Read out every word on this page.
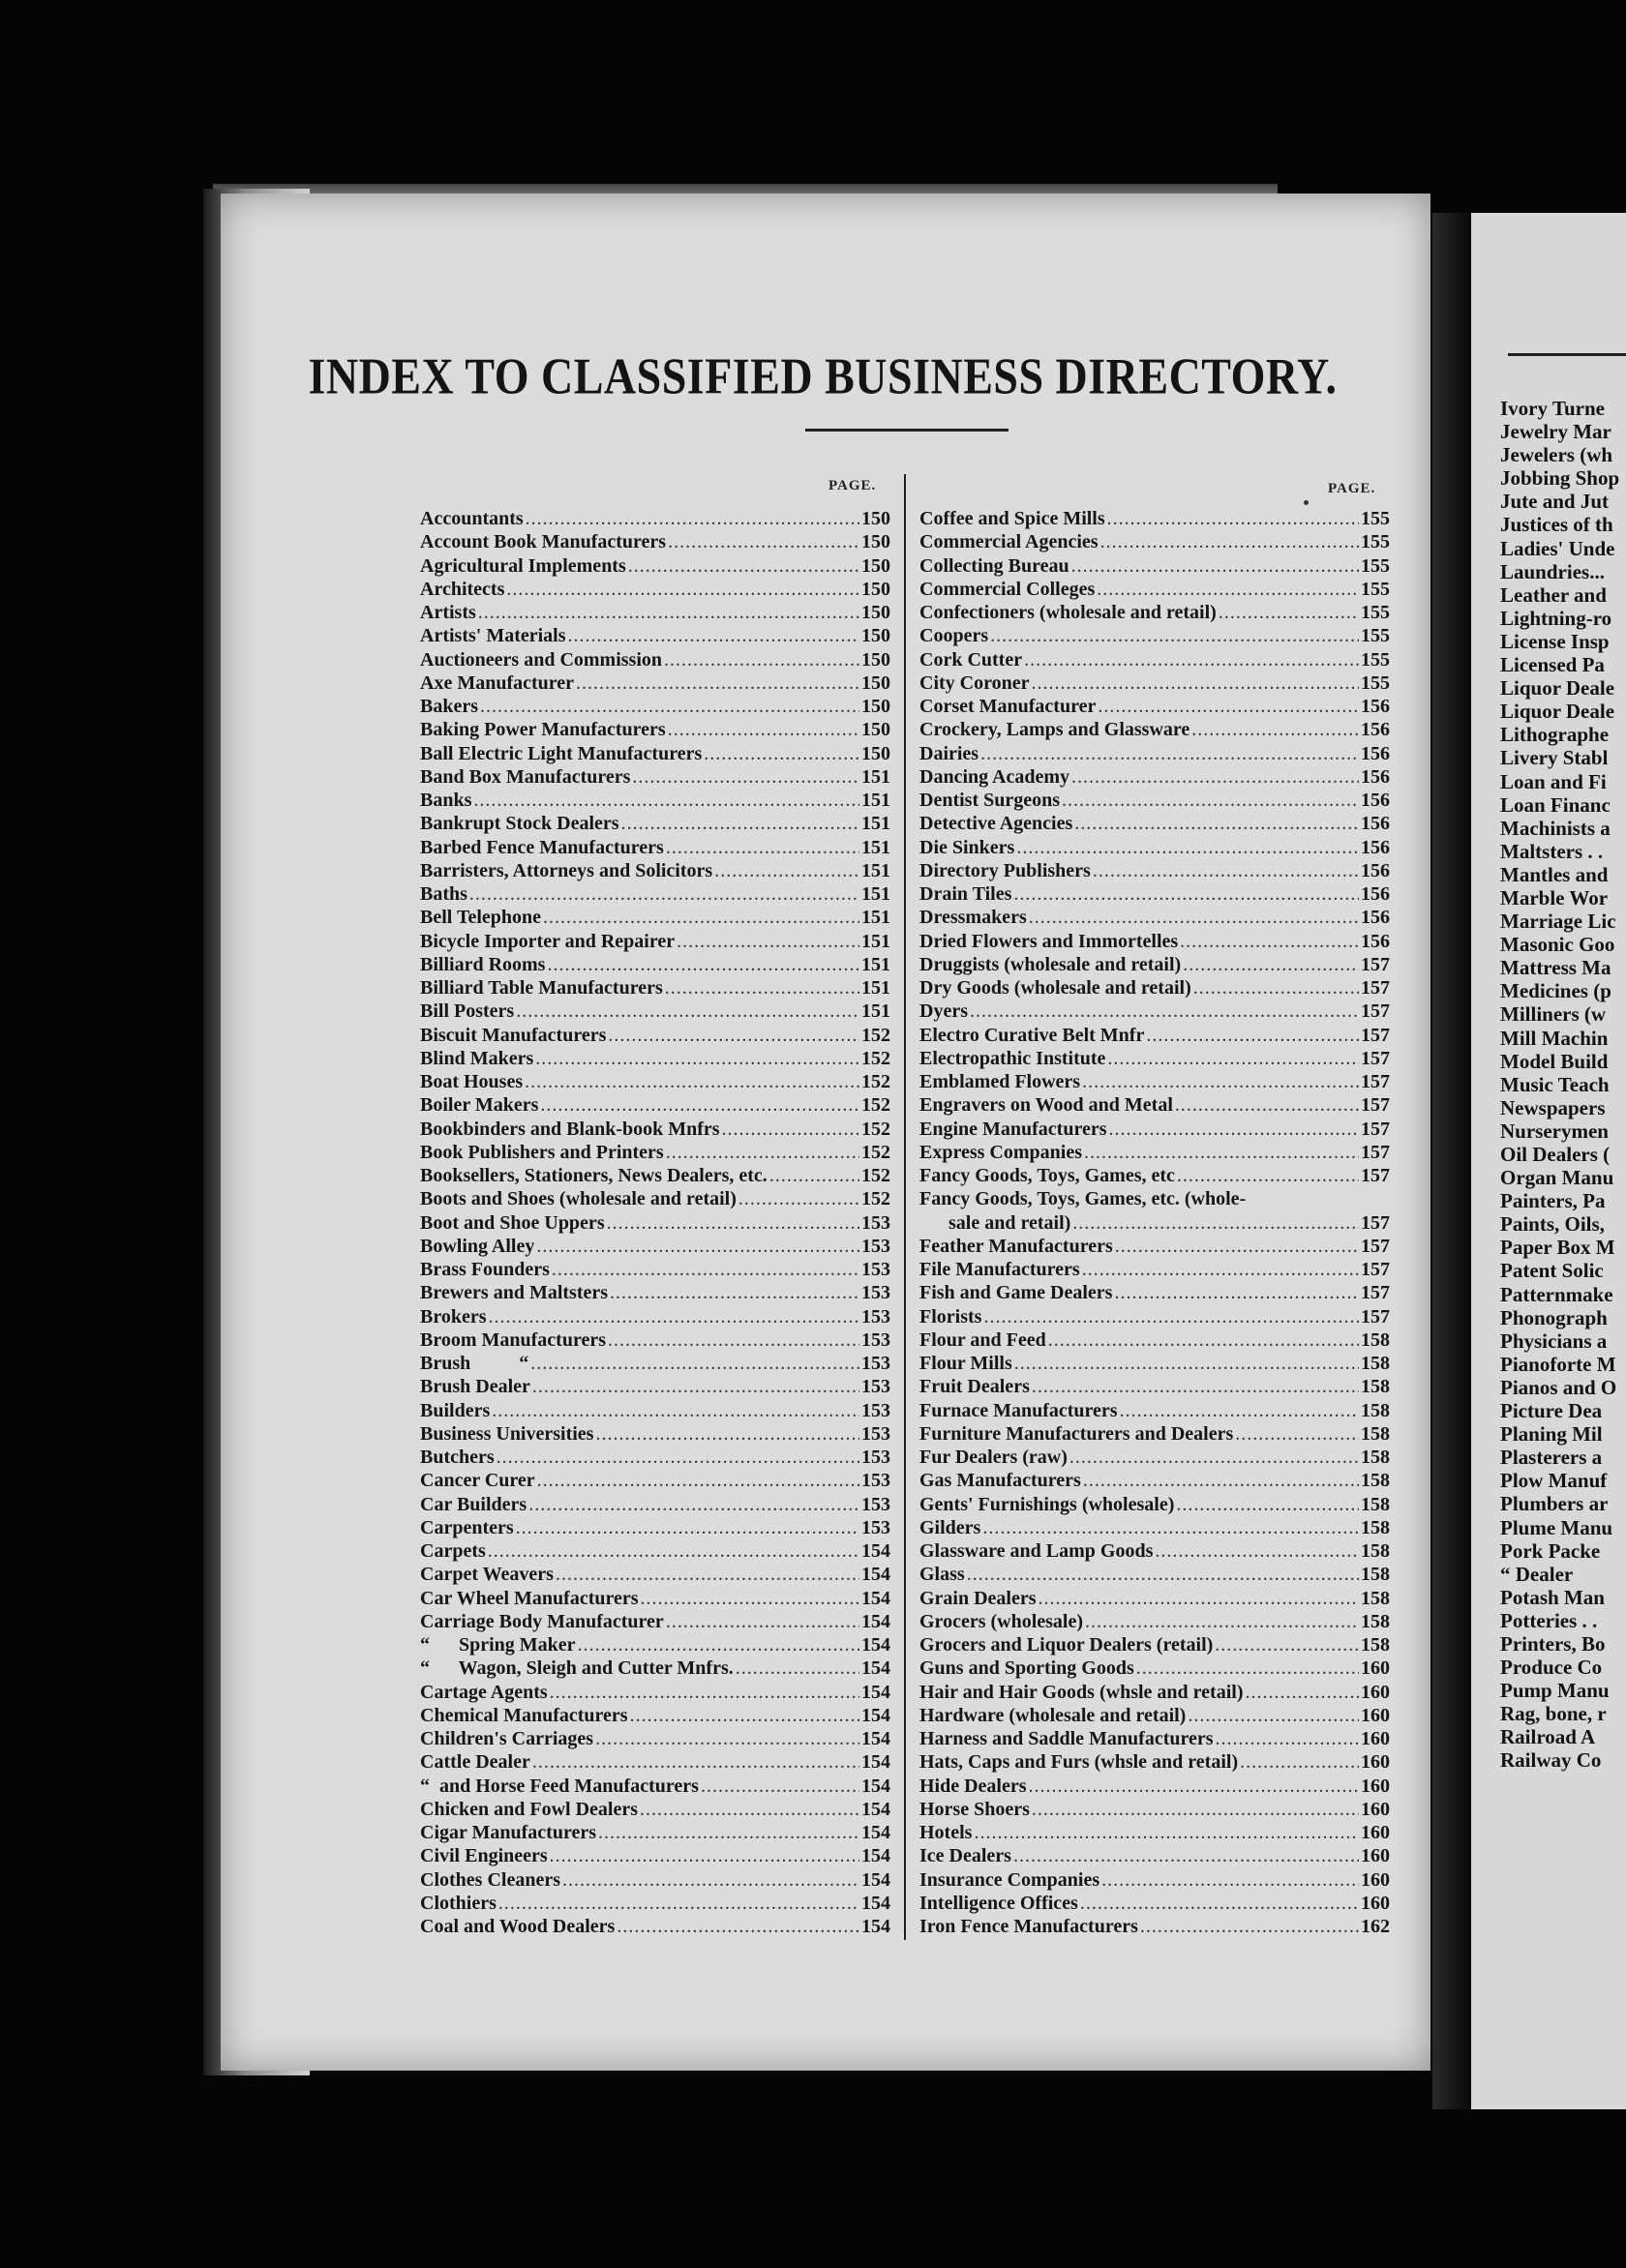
INDEX TO CLASSIFIED BUSINESS DIRECTORY.
PAGE.	PAGE.
Accountants .....	150
Account Book Manufacturers .....	150
Agricultural Implements .....	150
Architects .....	150
Artists .....	150
Artists' Materials .....	150
Auctioneers and Commission .....	150
Axe Manufacturer .....	150
Bakers .....	150
Baking Power Manufacturers .....	150
Ball Electric Light Manufacturers .....	150
Band Box Manufacturers .....	151
Banks .....	151
Bankrupt Stock Dealers .....	151
Barbed Fence Manufacturers .....	151
Barristers, Attorneys and Solicitors .....	151
Baths .....	151
Bell Telephone .....	151
Bicycle Importer and Repairer .....	151
Billiard Rooms .....	151
Billiard Table Manufacturers .....	151
Bill Posters .....	151
Biscuit Manufacturers .....	152
Blind Makers .....	152
Boat Houses .....	152
Boiler Makers .....	152
Bookbinders and Blank-book Mnfrs .....	152
Book Publishers and Printers .....	152
Booksellers, Stationers, News Dealers, etc. .....	152
Boots and Shoes (wholesale and retail) .....	152
Boot and Shoe Uppers .....	153
Bowling Alley .....	153
Brass Founders .....	153
Brewers and Maltsters .....	153
Brokers .....	153
Broom Manufacturers .....	153
Brush          “ .....	153
Brush Dealer .....	153
Builders .....	153
Business Universities .....	153
Butchers .....	153
Cancer Curer .....	153
Car Builders .....	153
Carpenters .....	153
Carpets .....	154
Carpet Weavers .....	154
Car Wheel Manufacturers .....	154
Carriage Body Manufacturer .....	154
“      Spring Maker .....	154
“      Wagon, Sleigh and Cutter Mnfrs. .....	154
Cartage Agents .....	154
Chemical Manufacturers .....	154
Children's Carriages .....	154
Cattle Dealer .....	154
“  and Horse Feed Manufacturers .....	154
Chicken and Fowl Dealers .....	154
Cigar Manufacturers .....	154
Civil Engineers .....	154
Clothes Cleaners .....	154
Clothiers .....	154
Coal and Wood Dealers .....	154
Coffee and Spice Mills .....	155
Commercial Agencies .....	155
Collecting Bureau .....	155
Commercial Colleges .....	155
Confectioners (wholesale and retail) .....	155
Coopers .....	155
Cork Cutter .....	155
City Coroner .....	155
Corset Manufacturer .....	156
Crockery, Lamps and Glassware .....	156
Dairies .....	156
Dancing Academy .....	156
Dentist Surgeons .....	156
Detective Agencies .....	156
Die Sinkers .....	156
Directory Publishers .....	156
Drain Tiles .....	156
Dressmakers .....	156
Dried Flowers and Immortelles .....	156
Druggists (wholesale and retail) .....	157
Dry Goods (wholesale and retail) .....	157
Dyers .....	157
Electro Curative Belt Mnfr .....	157
Electropathic Institute .....	157
Emblamed Flowers .....	157
Engravers on Wood and Metal .....	157
Engine Manufacturers .....	157
Express Companies .....	157
Fancy Goods, Toys, Games, etc .....	157
Fancy Goods, Toys, Games, etc. (whole-
sale and retail) .....	157
Feather Manufacturers .....	157
File Manufacturers .....	157
Fish and Game Dealers .....	157
Florists .....	157
Flour and Feed .....	158
Flour Mills .....	158
Fruit Dealers .....	158
Furnace Manufacturers .....	158
Furniture Manufacturers and Dealers .....	158
Fur Dealers (raw) .....	158
Gas Manufacturers .....	158
Gents' Furnishings (wholesale) .....	158
Gilders .....	158
Glassware and Lamp Goods .....	158
Glass .....	158
Grain Dealers .....	158
Grocers (wholesale) .....	158
Grocers and Liquor Dealers (retail) .....	158
Guns and Sporting Goods .....	160
Hair and Hair Goods (whsle and retail) .....	160
Hardware (wholesale and retail) .....	160
Harness and Saddle Manufacturers .....	160
Hats, Caps and Furs (whsle and retail) .....	160
Hide Dealers .....	160
Horse Shoers .....	160
Hotels .....	160
Ice Dealers .....	160
Insurance Companies .....	160
Intelligence Offices .....	160
Iron Fence Manufacturers .....	162
Ivory Turne
Jewelry Mar
Jewelers (wh
Jobbing Shop
Jute and Jut
Justices of th
Ladies' Unde
Laundries...
Leather and
Lightning-ro
License Insp
Licensed Pa
Liquor Deale
Liquor Deale
Lithographe
Livery Stabl
Loan and Fi
Loan Financ
Machinists a
Maltsters . .
Mantles and
Marble Wor
Marriage Lic
Masonic Goo
Mattress Ma
Medicines (p
Milliners (w
Mill Machin
Model Build
Music Teach
Newspapers
Nurserymen
Oil Dealers (
Organ Manu
Painters, Pa
Paints, Oils,
Paper Box M
Patent Solic
Patternmake
Phonograph
Physicians a
Pianoforte M
Pianos and O
Picture Dea
Planing Mil
Plasterers a
Plow Manuf
Plumbers ar
Plume Manu
Pork Packe
“ Dealer
Potash Man
Potteries . .
Printers, Bo
Produce Co
Pump Manu
Rag, bone, r
Railroad A
Railway Co
